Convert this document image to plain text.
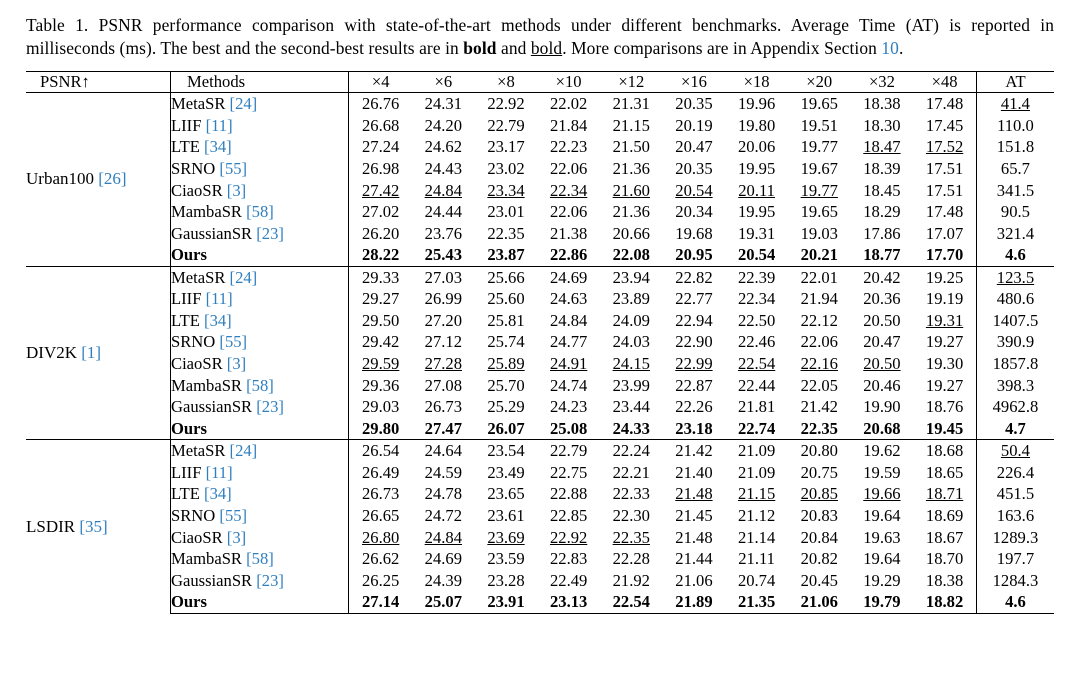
Table 1. PSNR performance comparison with state-of-the-art methods under different benchmarks. Average Time (AT) is reported in milliseconds (ms). The best and the second-best results are in bold and bold. More comparisons are in Appendix Section 10.

PSNR↑	Methods	×4	×6	×8	×10	×12	×16	×18	×20	×32	×48	AT
Urban100 [26]	MetaSR [24]	26.76	24.31	22.92	22.02	21.31	20.35	19.96	19.65	18.38	17.48	41.4
	LIIF [11]	26.68	24.20	22.79	21.84	21.15	20.19	19.80	19.51	18.30	17.45	110.0
	LTE [34]	27.24	24.62	23.17	22.23	21.50	20.47	20.06	19.77	18.47	17.52	151.8
	SRNO [55]	26.98	24.43	23.02	22.06	21.36	20.35	19.95	19.67	18.39	17.51	65.7
	CiaoSR [3]	27.42	24.84	23.34	22.34	21.60	20.54	20.11	19.77	18.45	17.51	341.5
	MambaSR [58]	27.02	24.44	23.01	22.06	21.36	20.34	19.95	19.65	18.29	17.48	90.5
	GaussianSR [23]	26.20	23.76	22.35	21.38	20.66	19.68	19.31	19.03	17.86	17.07	321.4
	Ours	28.22	25.43	23.87	22.86	22.08	20.95	20.54	20.21	18.77	17.70	4.6
DIV2K [1]	MetaSR [24]	29.33	27.03	25.66	24.69	23.94	22.82	22.39	22.01	20.42	19.25	123.5
	LIIF [11]	29.27	26.99	25.60	24.63	23.89	22.77	22.34	21.94	20.36	19.19	480.6
	LTE [34]	29.50	27.20	25.81	24.84	24.09	22.94	22.50	22.12	20.50	19.31	1407.5
	SRNO [55]	29.42	27.12	25.74	24.77	24.03	22.90	22.46	22.06	20.47	19.27	390.9
	CiaoSR [3]	29.59	27.28	25.89	24.91	24.15	22.99	22.54	22.16	20.50	19.30	1857.8
	MambaSR [58]	29.36	27.08	25.70	24.74	23.99	22.87	22.44	22.05	20.46	19.27	398.3
	GaussianSR [23]	29.03	26.73	25.29	24.23	23.44	22.26	21.81	21.42	19.90	18.76	4962.8
	Ours	29.80	27.47	26.07	25.08	24.33	23.18	22.74	22.35	20.68	19.45	4.7
LSDIR [35]	MetaSR [24]	26.54	24.64	23.54	22.79	22.24	21.42	21.09	20.80	19.62	18.68	50.4
	LIIF [11]	26.49	24.59	23.49	22.75	22.21	21.40	21.09	20.75	19.59	18.65	226.4
	LTE [34]	26.73	24.78	23.65	22.88	22.33	21.48	21.15	20.85	19.66	18.71	451.5
	SRNO [55]	26.65	24.72	23.61	22.85	22.30	21.45	21.12	20.83	19.64	18.69	163.6
	CiaoSR [3]	26.80	24.84	23.69	22.92	22.35	21.48	21.14	20.84	19.63	18.67	1289.3
	MambaSR [58]	26.62	24.69	23.59	22.83	22.28	21.44	21.11	20.82	19.64	18.70	197.7
	GaussianSR [23]	26.25	24.39	23.28	22.49	21.92	21.06	20.74	20.45	19.29	18.38	1284.3
	Ours	27.14	25.07	23.91	23.13	22.54	21.89	21.35	21.06	19.79	18.82	4.6
